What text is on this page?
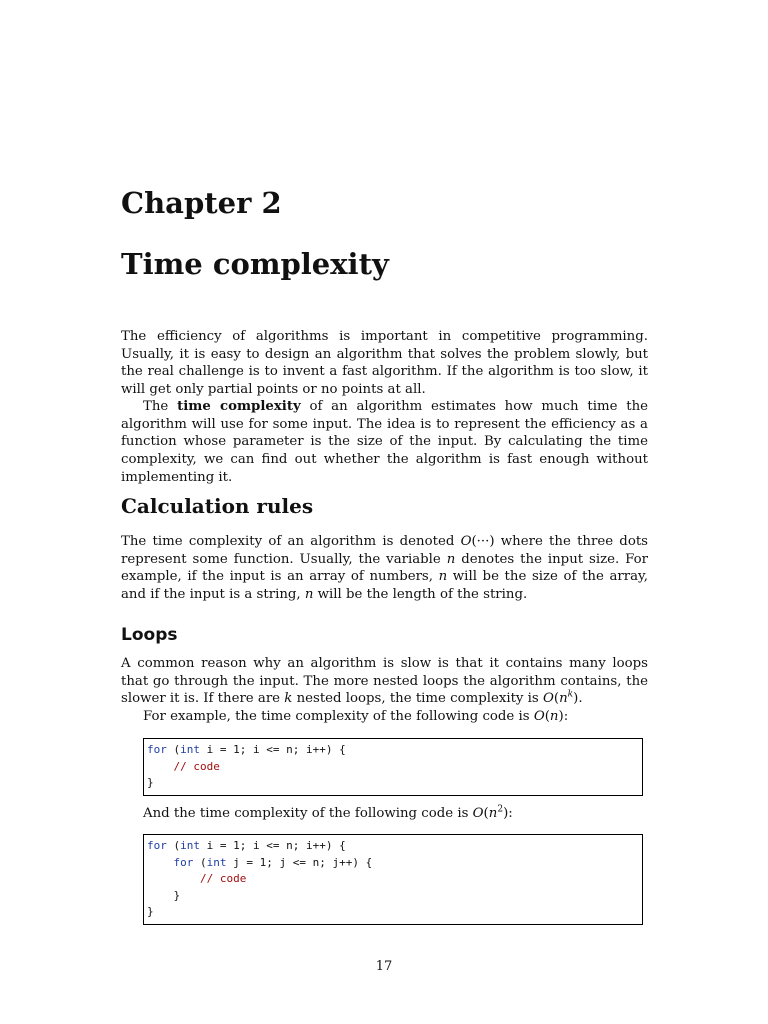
Chapter 2
Time complexity

The efficiency of algorithms is important in competitive programming. Usually, it is easy to design an algorithm that solves the problem slowly, but the real challenge is to invent a fast algorithm. If the algorithm is too slow, it will get only partial points or no points at all.

The time complexity of an algorithm estimates how much time the algorithm will use for some input. The idea is to represent the efficiency as a function whose parameter is the size of the input. By calculating the time complexity, we can find out whether the algorithm is fast enough without implementing it.

Calculation rules

The time complexity of an algorithm is denoted O(···) where the three dots represent some function. Usually, the variable n denotes the input size. For example, if the input is an array of numbers, n will be the size of the array, and if the input is a string, n will be the length of the string.

Loops

A common reason why an algorithm is slow is that it contains many loops that go through the input. The more nested loops the algorithm contains, the slower it is. If there are k nested loops, the time complexity is $O(n^k)$.

For example, the time complexity of the following code is O(n):

for (int i = 1; i <= n; i++) {
// code
}

And the time complexity of the following code is $O(n^2)$:

for (int i = 1; i <= n; i++) {
for (int j = 1; j <= n; j++) {
// code
}
}
17
